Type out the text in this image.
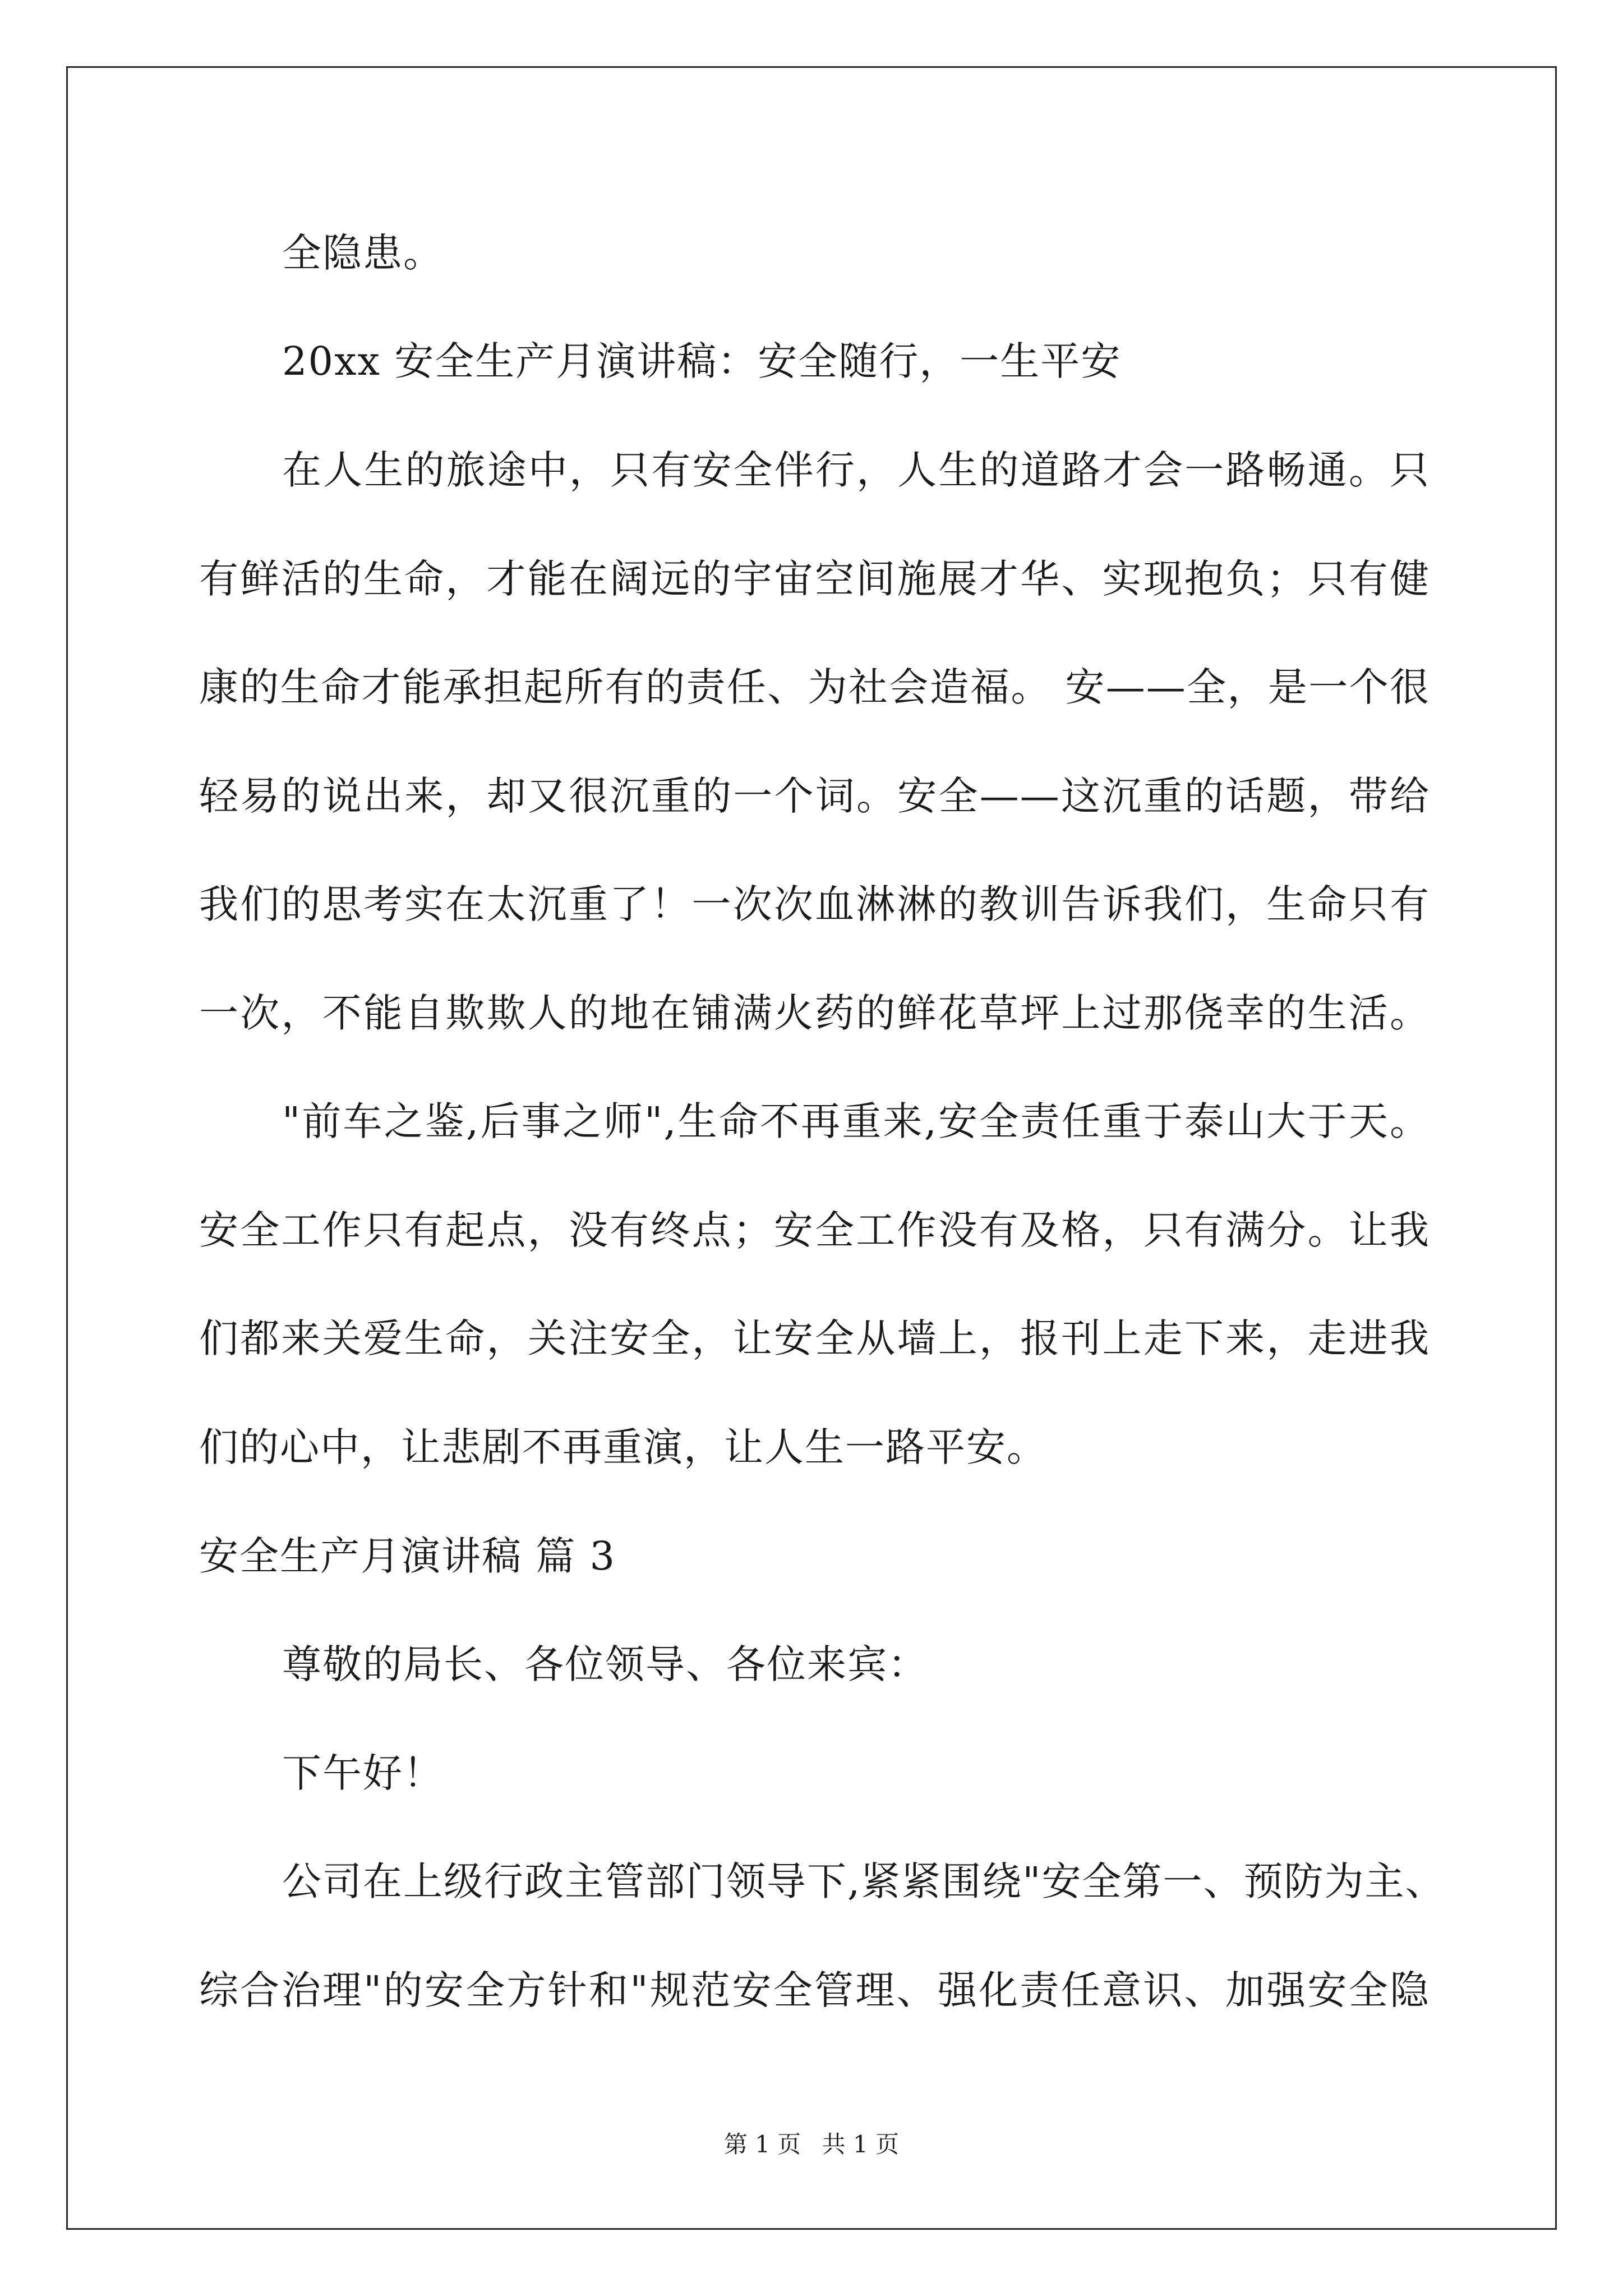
全隐患。
20xx 安全生产月演讲稿：安全随行，一生平安
在人生的旅途中，只有安全伴行，人生的道路才会一路畅通。只
有鲜活的生命，才能在阔远的宇宙空间施展才华、实现抱负；只有健
康的生命才能承担起所有的责任、为社会造福。 安——全，是一个很
轻易的说出来，却又很沉重的一个词。安全——这沉重的话题，带给
我们的思考实在太沉重了！一次次血淋淋的教训告诉我们，生命只有
一次，不能自欺欺人的地在铺满火药的鲜花草坪上过那侥幸的生活。
"前车之鉴,后事之师",生命不再重来,安全责任重于泰山大于天。
安全工作只有起点，没有终点；安全工作没有及格，只有满分。让我
们都来关爱生命，关注安全，让安全从墙上，报刊上走下来，走进我
们的心中，让悲剧不再重演，让人生一路平安。
安全生产月演讲稿 篇 3
尊敬的局长、各位领导、各位来宾：
下午好！
公司在上级行政主管部门领导下,紧紧围绕"安全第一、预防为主、
综合治理"的安全方针和"规范安全管理、强化责任意识、加强安全隐
第 1 页 共 1 页
